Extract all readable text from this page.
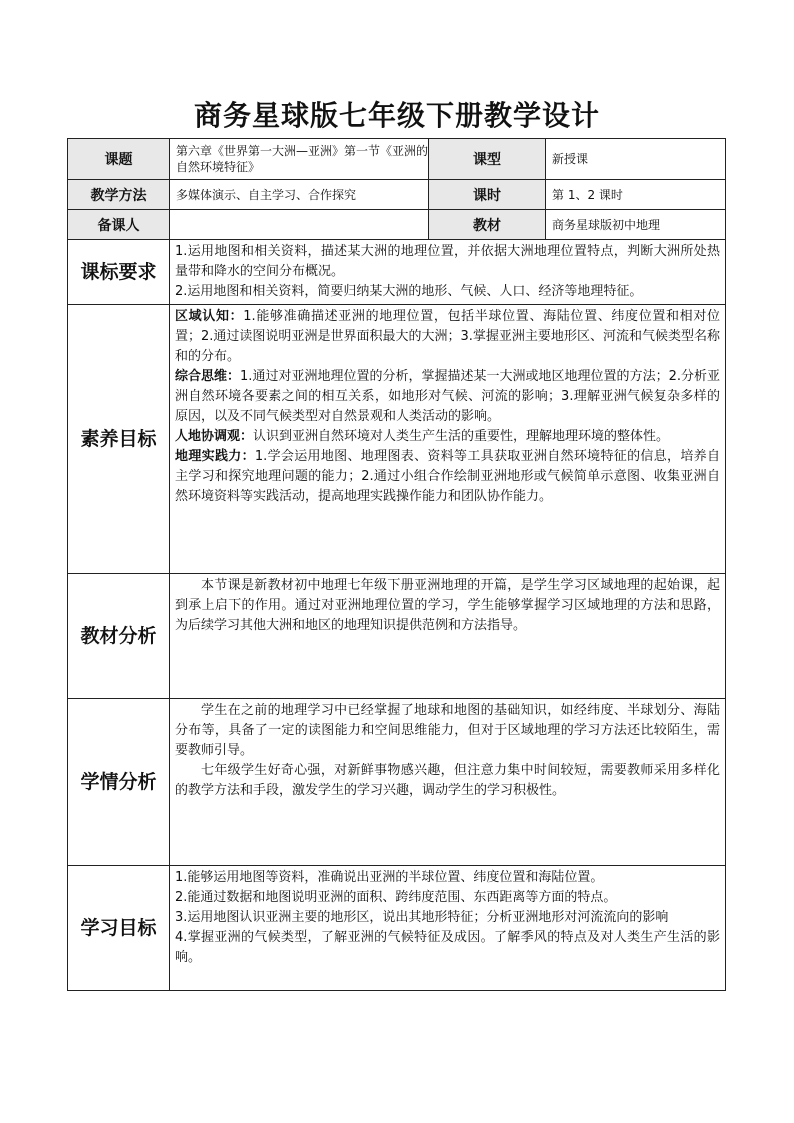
商务星球版七年级下册教学设计
课题	第六章《世界第一大洲—亚洲》第一节《亚洲的自然环境特征》	课型	新授课
教学方法	多媒体演示、自主学习、合作探究	课时	第 1、2 课时
备课人		教材	商务星球版初中地理
课标要求	1.运用地图和相关资料，描述某大洲的地理位置，并依据大洲地理位置特点，判断大洲所处热量带和降水的空间分布概况。

2.运用地图和相关资料，简要归纳某大洲的地形、气候、人口、经济等地理特征。		

素养目标	区域认知：1.能够准确描述亚洲的地理位置，包括半球位置、海陆位置、纬度位置和相对位置；2.通过读图说明亚洲是世界面积最大的大洲；3.掌握亚洲主要地形区、河流和气候类型名称和的分布。

综合思维：1.通过对亚洲地理位置的分析，掌握描述某一大洲或地区地理位置的方法；2.分析亚洲自然环境各要素之间的相互关系，如地形对气候、河流的影响；3.理解亚洲气候复杂多样的原因，以及不同气候类型对自然景观和人类活动的影响。

人地协调观：认识到亚洲自然环境对人类生产生活的重要性，理解地理环境的整体性。

地理实践力：1.学会运用地图、地理图表、资料等工具获取亚洲自然环境特征的信息，培养自主学习和探究地理问题的能力；2.通过小组合作绘制亚洲地形或气候简单示意图、收集亚洲自然环境资料等实践活动，提高地理实践操作能力和团队协作能力。		

教材分析	本节课是新教材初中地理七年级下册亚洲地理的开篇，是学生学习区域地理的起始课，起到承上启下的作用。通过对亚洲地理位置的学习，学生能够掌握学习区域地理的方法和思路，为后续学习其他大洲和地区的地理知识提供范例和方法指导。		

学情分析	学生在之前的地理学习中已经掌握了地球和地图的基础知识，如经纬度、半球划分、海陆分布等，具备了一定的读图能力和空间思维能力，但对于区域地理的学习方法还比较陌生，需要教师引导。

七年级学生好奇心强，对新鲜事物感兴趣，但注意力集中时间较短，需要教师采用多样化的教学方法和手段，激发学生的学习兴趣，调动学生的学习积极性。		

学习目标	1.能够运用地图等资料，准确说出亚洲的半球位置、纬度位置和海陆位置。

2.能通过数据和地图说明亚洲的面积、跨纬度范围、东西距离等方面的特点。

3.运用地图认识亚洲主要的地形区，说出其地形特征；分析亚洲地形对河流流向的影响

4.掌握亚洲的气候类型，了解亚洲的气候特征及成因。了解季风的特点及对人类生产生活的影响。		
